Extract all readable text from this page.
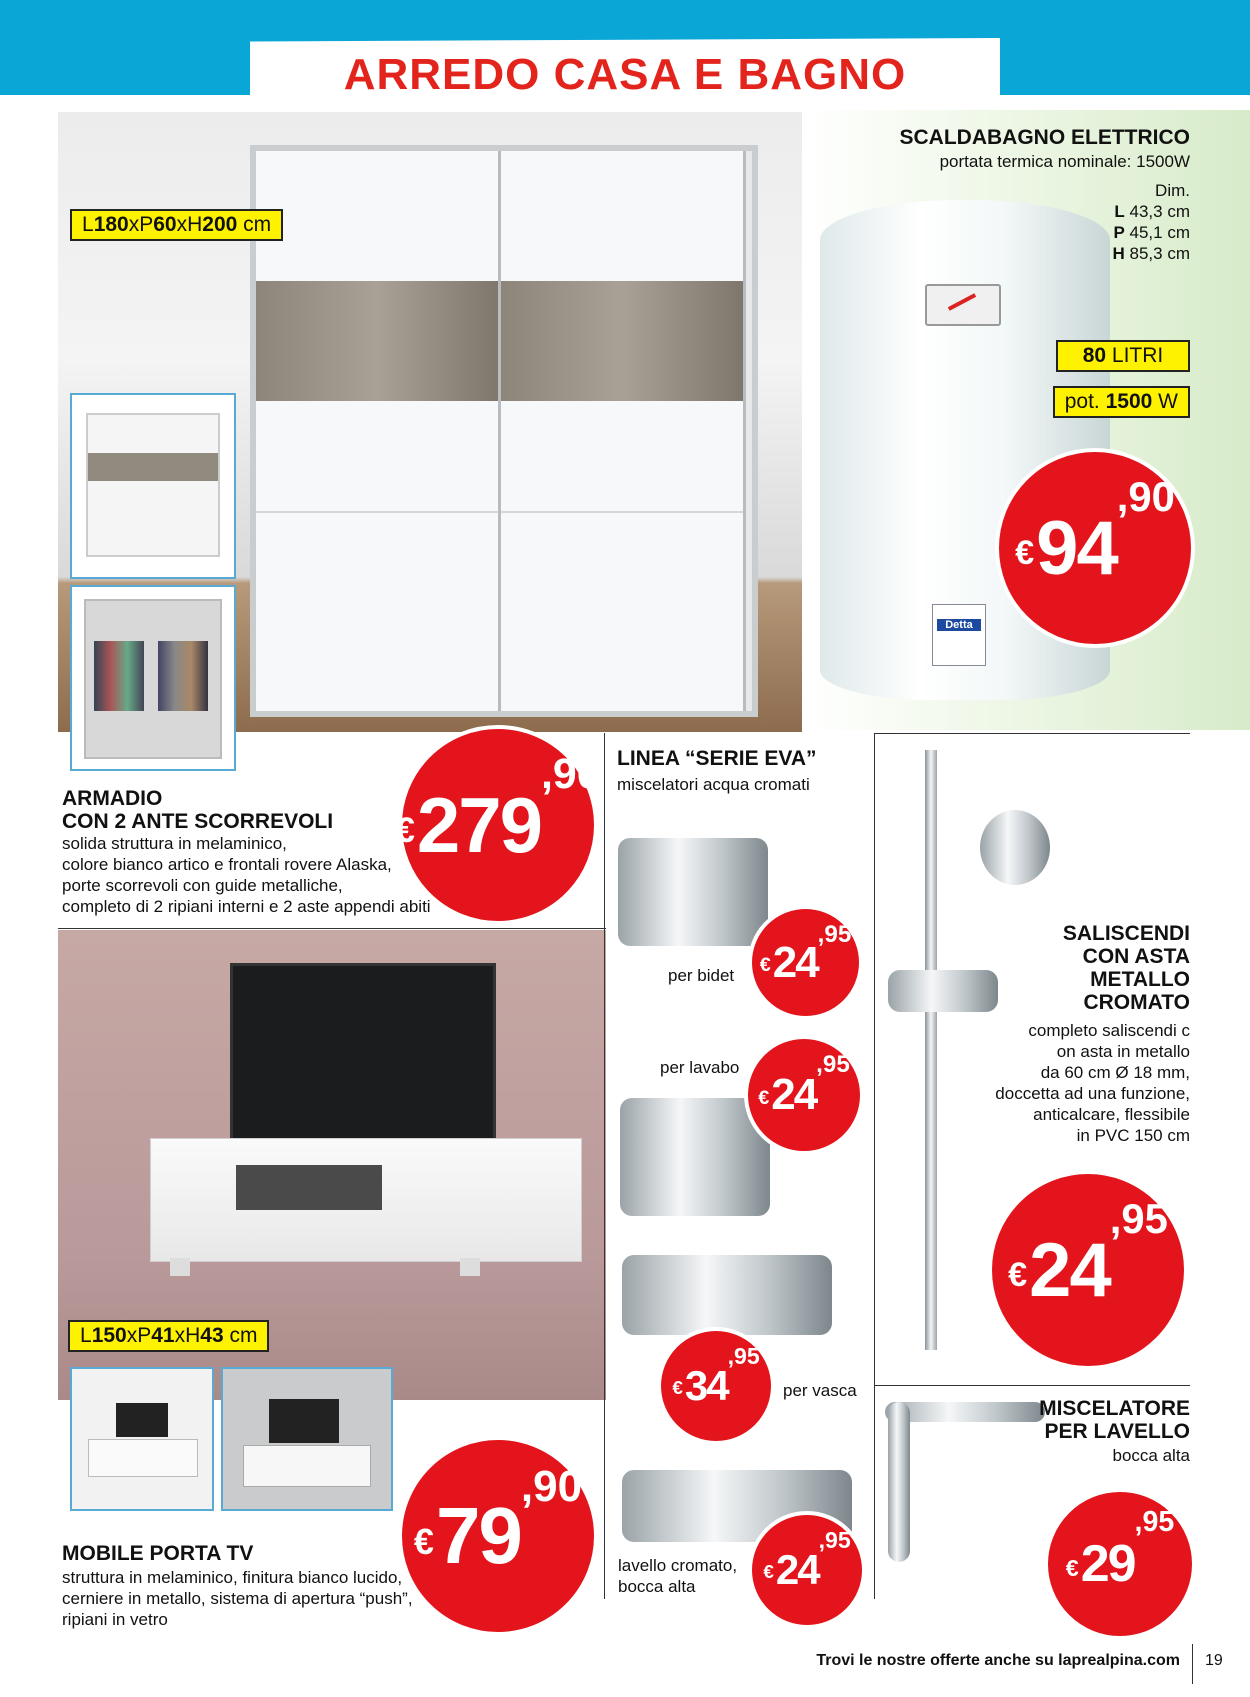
ARREDO CASA E BAGNO
L180xP60xH200 cm
ARMADIO
CON 2 ANTE SCORREVOLI
solida struttura in melaminico,
colore bianco artico e frontali rovere Alaska,
porte scorrevoli con guide metalliche,
completo di 2 ripiani interni e 2 aste appendi abiti
€ 279
,90
Detta
SCALDABAGNO ELETTRICO
portata termica nominale: 1500W
Dim.
L 43,3 cm
P 45,1 cm
H 85,3 cm
80 LITRI
pot. 1500 W
€ 94
,90
L150xP41xH43 cm
MOBILE PORTA TV
struttura in melaminico, finitura bianco lucido,
cerniere in metallo, sistema di apertura “push”,
ripiani in vetro
€ 79
,90
LINEA “SERIE EVA”
miscelatori acqua cromati
per bidet € 24
,95
per lavabo
€ 24
,95
€ 34
,95
per vasca
lavello cromato,
bocca alta
€ 24
,95
SALISCENDI
CON ASTA
METALLO
CROMATO
completo saliscendi c
on asta in metallo
da 60 cm Ø 18 mm,
doccetta ad una funzione,
anticalcare, flessibile
in PVC 150 cm
€ 24
,95
MISCELATORE
PER LAVELLO
bocca alta
€ 29
,95
Trovi le nostre offerte anche su laprealpina.com 19
